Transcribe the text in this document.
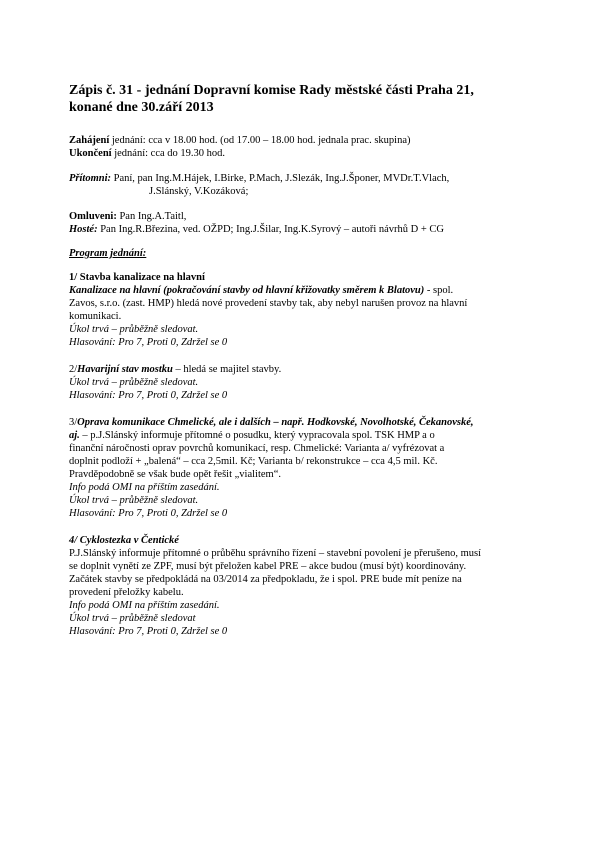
Zápis č. 31 - jednání Dopravní komise Rady městské části Praha 21,
konané dne 30.září 2013

Zahájení jednání: cca v 18.00 hod. (od 17.00 – 18.00 hod. jednala prac. skupina)

Ukončení jednání: cca do 19.30 hod.

Přítomni: Paní, pan Ing.M.Hájek, I.Birke, P.Mach, J.Slezák, Ing.J.Šponer, MVDr.T.Vlach,

J.Slánský, V.Kozáková;

Omluveni: Pan Ing.A.Taitl,

Hosté: Pan Ing.R.Březina, ved. OŽPD; Ing.J.Šilar, Ing.K.Syrový – autoři návrhů D + CG

Program jednání:

1/ Stavba kanalizace na hlavní

Kanalizace na hlavní (pokračování stavby od hlavní křižovatky směrem k Blatovu) - spol.

Zavos, s.r.o. (zast. HMP) hledá nové provedení stavby tak, aby nebyl narušen provoz na hlavní

komunikaci.

Úkol trvá – průběžně sledovat.

Hlasování: Pro 7, Proti 0, Zdržel se 0

2/Havarijní stav mostku – hledá se majitel stavby.

Úkol trvá – průběžně sledovat.

Hlasování: Pro 7, Proti 0, Zdržel se 0

3/Oprava komunikace Chmelické, ale i dalších – např. Hodkovské, Novolhotské, Čekanovské,

aj. – p.J.Slánský informuje přítomné o posudku, který vypracovala spol. TSK HMP a o

finanční náročnosti oprav povrchů komunikací, resp. Chmelické: Varianta a/ vyfrézovat a

doplnit podloží + „balená“ – cca 2,5mil. Kč; Varianta b/ rekonstrukce – cca 4,5 mil. Kč.

Pravděpodobně se však bude opět řešit „vialitem“.

Info podá OMI na příštím zasedání.

Úkol trvá – průběžně sledovat.

Hlasování: Pro 7, Proti 0, Zdržel se 0

4/ Cyklostezka v Čentické

P.J.Slánský informuje přítomné o průběhu správního řízení – stavební povolení je přerušeno, musí

se doplnit vynětí ze ZPF, musí být přeložen kabel PRE – akce budou (musí být) koordinovány.

Začátek stavby se předpokládá na 03/2014 za předpokladu, že i spol. PRE bude mít peníze na

provedení přeložky kabelu.

Info podá OMI na příštím zasedání.

Úkol trvá – průběžně sledovat

Hlasování: Pro 7, Proti 0, Zdržel se 0
